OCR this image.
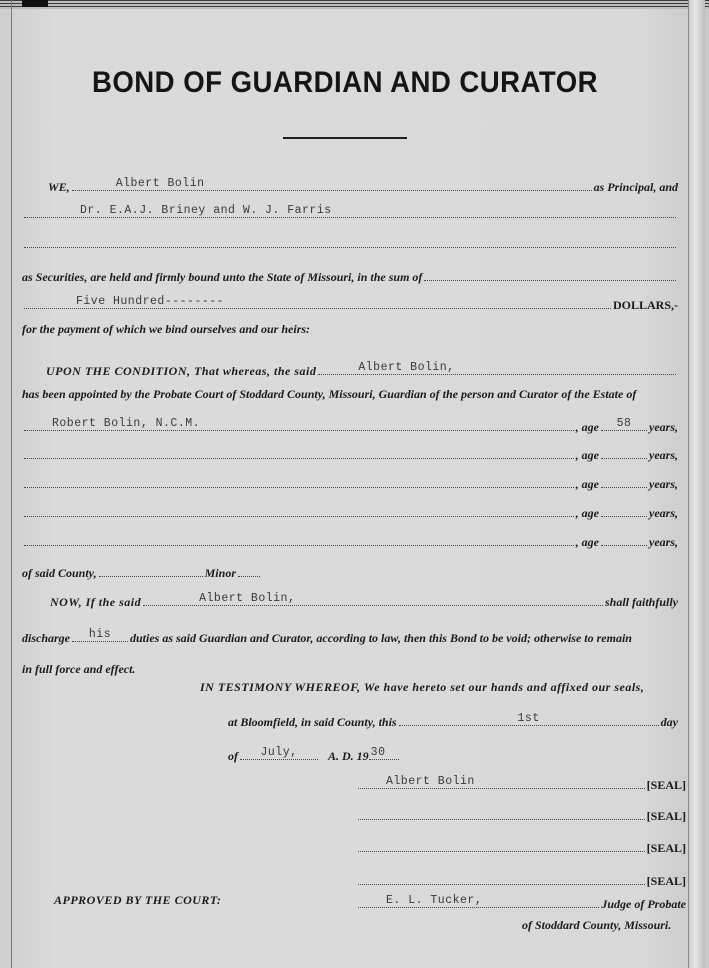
BOND OF GUARDIAN AND CURATOR
WE,	Albert Bolin	as Principal, and
Dr. E.A.J. Briney and W. J. Farris
as Securities, are held and firmly bound unto the State of Missouri, in the sum of
Five Hundred--------	DOLLARS,-
for the payment of which we bind ourselves and our heirs:
UPON THE CONDITION, That whereas, the said	Albert Bolin,
has been appointed by the Probate Court of Stoddard County, Missouri, Guardian of the person and Curator of the Estate of
Robert Bolin, N.C.M.	, age	58	years,
, age	years,
, age	years,
, age	years,
, age	years,
of said County,	Minor
NOW, If the said	Albert Bolin,	shall faithfully
discharge	his	duties as said Guardian and Curator, according to law, then this Bond to be void; otherwise to remain
in full force and effect.
IN TESTIMONY WHEREOF, We have hereto set our hands and affixed our seals,
at Bloomfield, in said County, this	1st	day
of	July,	A. D. 19 30
Albert Bolin	[SEAL]
[SEAL]
[SEAL]
[SEAL]
APPROVED BY THE COURT:	E. L. Tucker,	Judge of Probate
of Stoddard County, Missouri.
